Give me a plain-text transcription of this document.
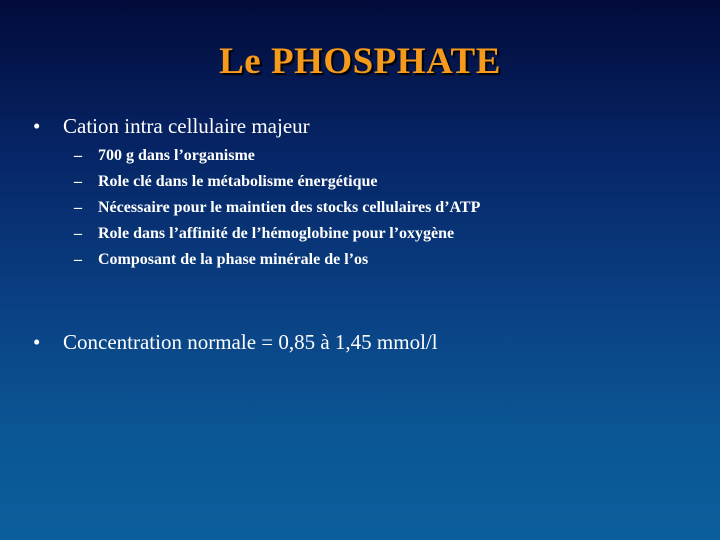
Le PHOSPHATE
• Cation intra cellulaire majeur
– 700 g dans l’organisme
– Role clé dans le métabolisme énergétique
– Nécessaire pour le maintien des stocks cellulaires d’ATP
– Role dans l’affinité de l’hémoglobine pour l’oxygène
– Composant de la phase minérale de l’os
• Concentration normale = 0,85 à 1,45 mmol/l
